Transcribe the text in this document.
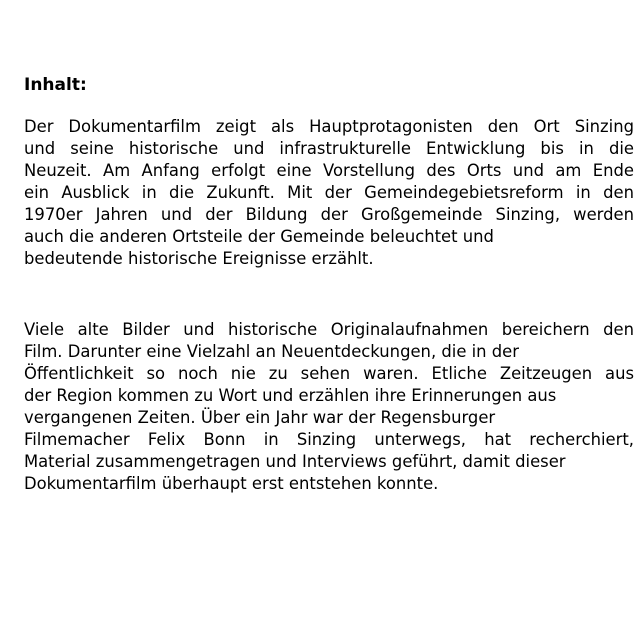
Inhalt:
Der Dokumentarfilm zeigt als Hauptprotagonisten den Ort Sinzing
und seine historische und infrastrukturelle Entwicklung bis in die
Neuzeit. Am Anfang erfolgt eine Vorstellung des Orts und am Ende
ein Ausblick in die Zukunft. Mit der Gemeindegebietsreform in den
1970er Jahren und der Bildung der Großgemeinde Sinzing, werden
auch die anderen Ortsteile der Gemeinde beleuchtet und
bedeutende historische Ereignisse erzählt.
Viele alte Bilder und historische Originalaufnahmen bereichern den
Film. Darunter eine Vielzahl an Neuentdeckungen, die in der
Öffentlichkeit so noch nie zu sehen waren. Etliche Zeitzeugen aus
der Region kommen zu Wort und erzählen ihre Erinnerungen aus
vergangenen Zeiten. Über ein Jahr war der Regensburger
Filmemacher Felix Bonn in Sinzing unterwegs, hat recherchiert,
Material zusammengetragen und Interviews geführt, damit dieser
Dokumentarfilm überhaupt erst entstehen konnte.
